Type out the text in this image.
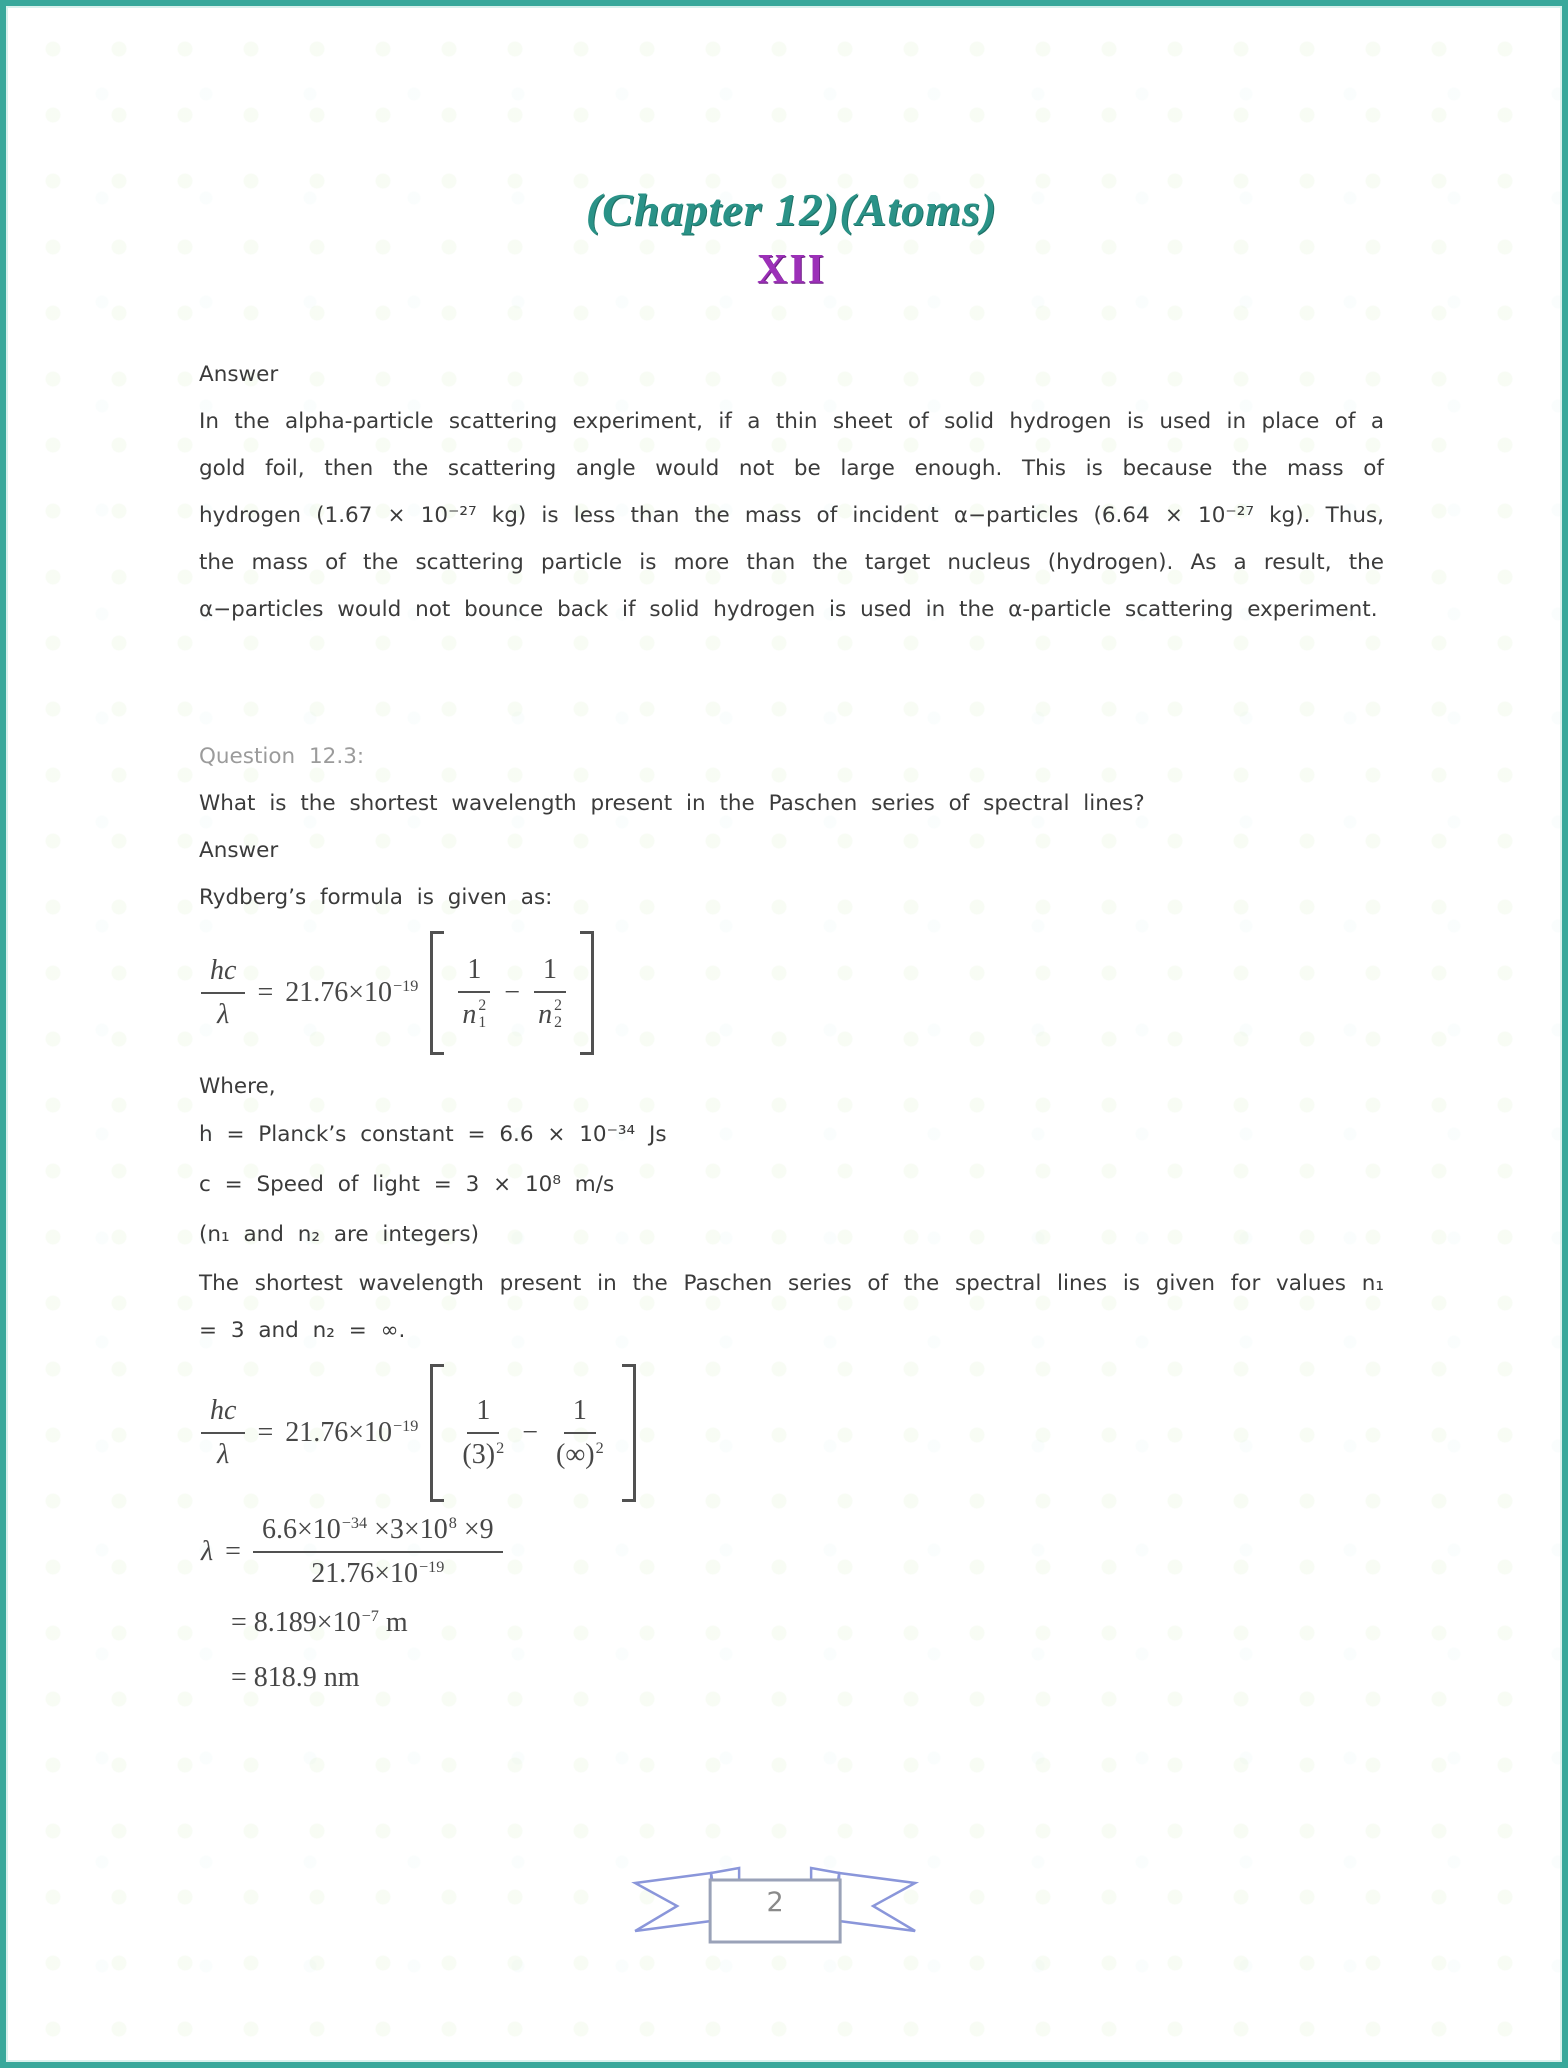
(Chapter 12)(Atoms)
XII

Answer

In the alpha-particle scattering experiment, if a thin sheet of solid hydrogen is used in place of a gold foil, then the scattering angle would not be large enough. This is because the mass of hydrogen (1.67 × 10⁻²⁷ kg) is less than the mass of incident α−particles (6.64 × 10⁻²⁷ kg). Thus, the mass of the scattering particle is more than the target nucleus (hydrogen). As a result, the α−particles would not bounce back if solid hydrogen is used in the α-particle scattering experiment.

Question 12.3:

What is the shortest wavelength present in the Paschen series of spectral lines?

Answer

Rydberg’s formula is given as:

$\frac{hc}{\lambda} = 21.76\times 10^{-19}$ 1
n 2
1 − 1
n 2
2

Where,

h = Planck’s constant = 6.6 × 10⁻³⁴ Js

c = Speed of light = 3 × 10⁸ m/s

(n₁ and n₂ are integers)

The shortest wavelength present in the Paschen series of the spectral lines is given for values n₁ = 3 and n₂ = ∞.

$\frac{hc}{\lambda} = 21.76\times 10^{-19} \frac{1}{(3)^2} - \frac{1}{(\infty)^2}$
$\lambda = \frac{6.6\times 10^{-34} \times 3\times 10^8 \times 9}{21.76\times 10^{-19}}$
= $8.189\times 10^{-7}$ m
= 818.9 nm
2
